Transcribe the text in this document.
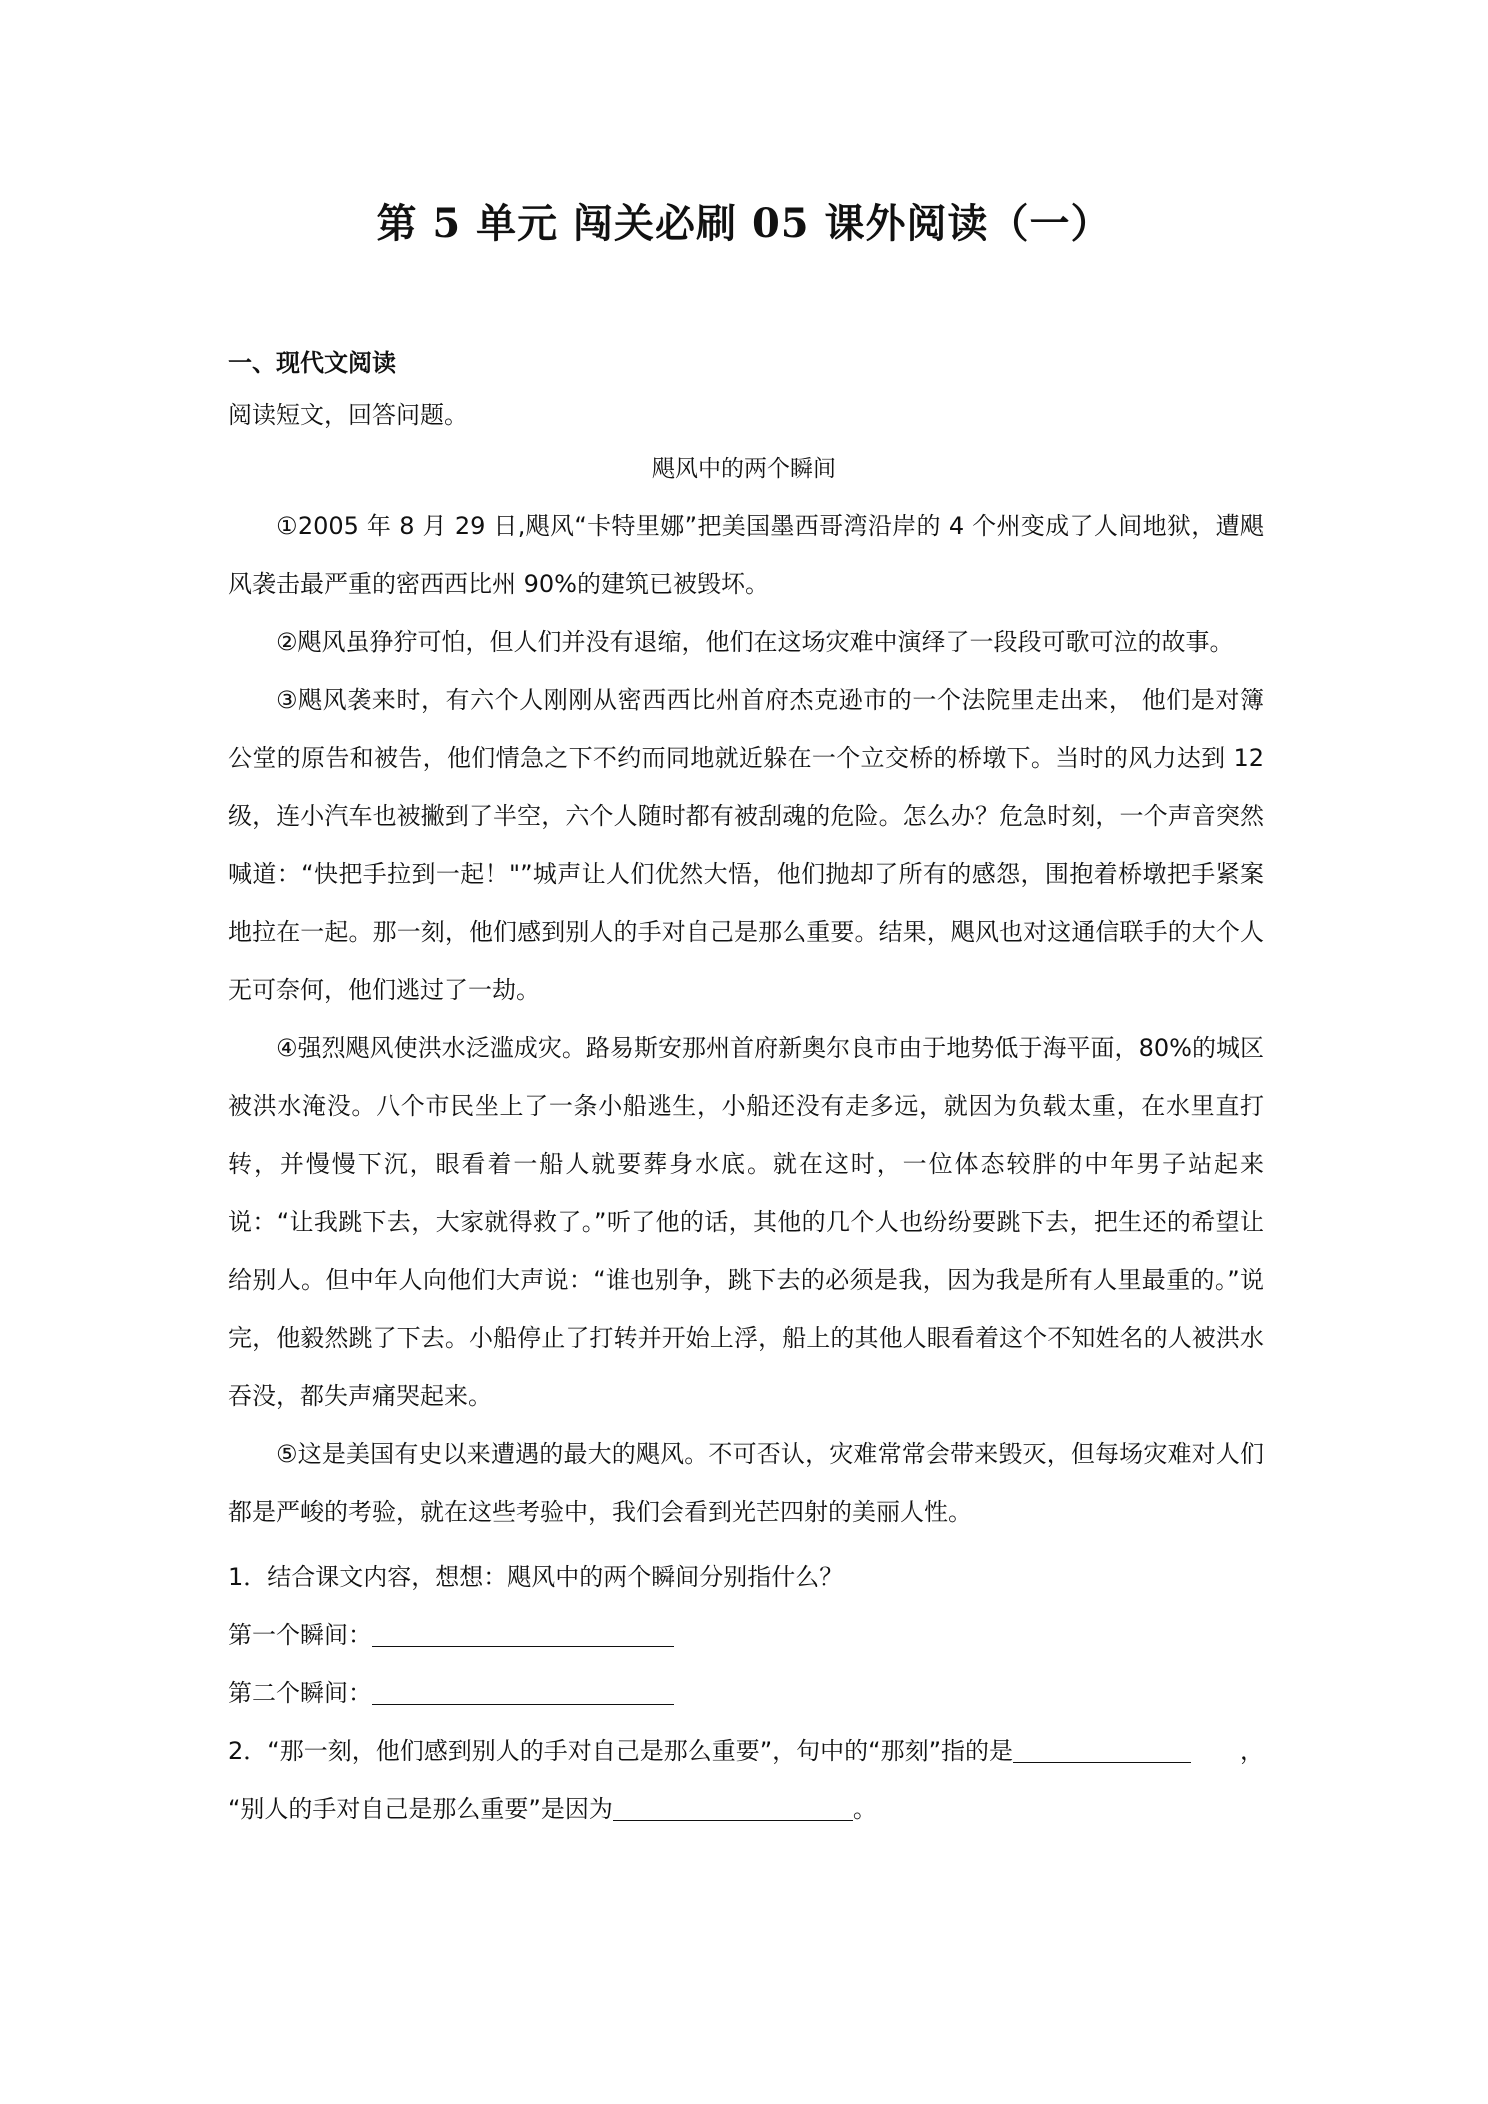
第 5 单元 闯关必刷 05 课外阅读（一）
一、现代文阅读
阅读短文，回答问题。
飓风中的两个瞬间

①2005 年 8 月 29 日,飓风“卡特里娜”把美国墨西哥湾沿岸的 4 个州变成了人间地狱，遭飓风袭击最严重的密西西比州 90%的建筑已被毁坏。

②飓风虽狰狞可怕，但人们并没有退缩，他们在这场灾难中演绎了一段段可歌可泣的故事。

③飓风袭来时，有六个人刚刚从密西西比州首府杰克逊市的一个法院里走出来， 他们是对簿公堂的原告和被告，他们情急之下不约而同地就近躲在一个立交桥的桥墩下。当时的风力达到 12 级，连小汽车也被撇到了半空，六个人随时都有被刮魂的危险。怎么办？危急时刻，一个声音突然喊道：“快把手拉到一起！"”城声让人们优然大悟，他们抛却了所有的感怨，围抱着桥墩把手紧案地拉在一起。那一刻，他们感到别人的手对自己是那么重要。结果，飓风也对这通信联手的大个人无可奈何，他们逃过了一劫。

④强烈飓风使洪水泛滥成灾。路易斯安那州首府新奥尔良市由于地势低于海平面，80%的城区被洪水淹没。八个市民坐上了一条小船逃生，小船还没有走多远，就因为负载太重，在水里直打转，并慢慢下沉，眼看着一船人就要葬身水底。就在这时，一位体态较胖的中年男子站起来说：“让我跳下去，大家就得救了。”听了他的话，其他的几个人也纷纷要跳下去，把生还的希望让给别人。但中年人向他们大声说：“谁也别争，跳下去的必须是我，因为我是所有人里最重的。”说完，他毅然跳了下去。小船停止了打转并开始上浮，船上的其他人眼看着这个不知姓名的人被洪水吞没，都失声痛哭起来。

⑤这是美国有史以来遭遇的最大的飓风。不可否认，灾难常常会带来毁灭，但每场灾难对人们都是严峻的考验，就在这些考验中，我们会看到光芒四射的美丽人性。

1．结合课文内容，想想：飓风中的两个瞬间分别指什么？

第一个瞬间：

第二个瞬间：

2．“那一刻，他们感到别人的手对自己是那么重要”，句中的“那刻”指的是	，

“别人的手对自己是那么重要”是因为	。
